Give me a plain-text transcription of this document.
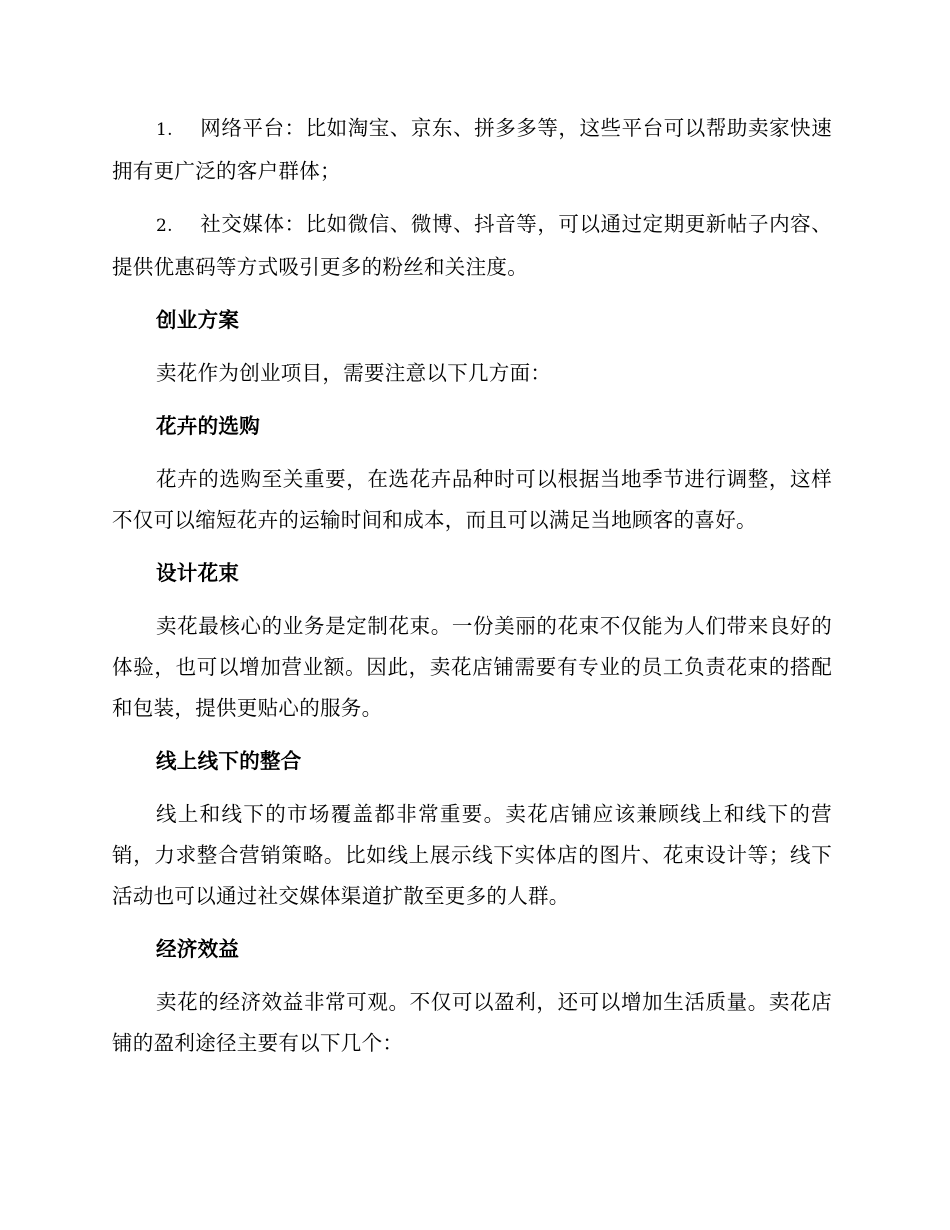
1. 网络平台：比如淘宝、京东、拼多多等，这些平台可以帮助卖家快速拥有更广泛的客户群体；

2. 社交媒体：比如微信、微博、抖音等，可以通过定期更新帖子内容、提供优惠码等方式吸引更多的粉丝和关注度。

创业方案

卖花作为创业项目，需要注意以下几方面：

花卉的选购

花卉的选购至关重要，在选花卉品种时可以根据当地季节进行调整，这样不仅可以缩短花卉的运输时间和成本，而且可以满足当地顾客的喜好。

设计花束

卖花最核心的业务是定制花束。一份美丽的花束不仅能为人们带来良好的体验，也可以增加营业额。因此，卖花店铺需要有专业的员工负责花束的搭配和包装，提供更贴心的服务。

线上线下的整合

线上和线下的市场覆盖都非常重要。卖花店铺应该兼顾线上和线下的营销，力求整合营销策略。比如线上展示线下实体店的图片、花束设计等；线下活动也可以通过社交媒体渠道扩散至更多的人群。

经济效益

卖花的经济效益非常可观。不仅可以盈利，还可以增加生活质量。卖花店铺的盈利途径主要有以下几个：
